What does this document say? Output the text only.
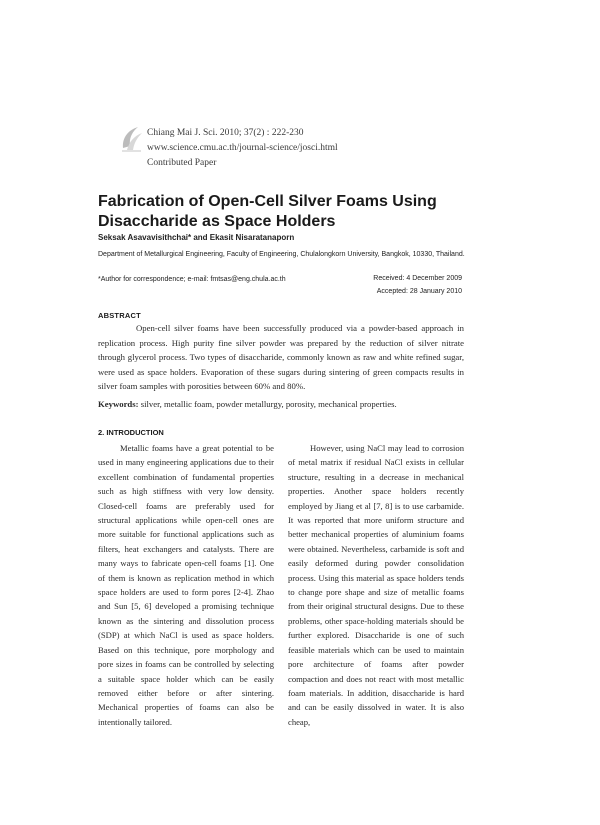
Chiang Mai J. Sci. 2010; 37(2) : 222-230
www.science.cmu.ac.th/journal-science/josci.html
Contributed Paper
Fabrication of Open-Cell Silver Foams Using Disaccharide as Space Holders
Seksak Asavavisithchai* and Ekasit Nisaratanaporn
Department of Metallurgical Engineering, Faculty of Engineering, Chulalongkorn University, Bangkok, 10330, Thailand.
*Author for correspondence; e-mail: fmtsas@eng.chula.ac.th	Received: 4 December 2009
Accepted: 28 January 2010
ABSTRACT

Open-cell silver foams have been successfully produced via a powder-based approach in replication process. High purity fine silver powder was prepared by the reduction of silver nitrate through glycerol process. Two types of disaccharide, commonly known as raw and white refined sugar, were used as space holders. Evaporation of these sugars during sintering of green compacts results in silver foam samples with porosities between 60% and 80%.

Keywords: silver, metallic foam, powder metallurgy, porosity, mechanical properties.
2. INTRODUCTION

Metallic foams have a great potential to be used in many engineering applications due to their excellent combination of fundamental properties such as high stiffness with very low density. Closed-cell foams are preferably used for structural applications while open-cell ones are more suitable for functional applications such as filters, heat exchangers and catalysts. There are many ways to fabricate open-cell foams [1]. One of them is known as replication method in which space holders are used to form pores [2-4]. Zhao and Sun [5, 6] developed a promising technique known as the sintering and dissolution process (SDP) at which NaCl is used as space holders. Based on this technique, pore morphology and pore sizes in foams can be controlled by selecting a suitable space holder which can be easily removed either before or after sintering. Mechanical properties of foams can also be intentionally tailored.

However, using NaCl may lead to corrosion of metal matrix if residual NaCl exists in cellular structure, resulting in a decrease in mechanical properties. Another space holders recently employed by Jiang et al [7, 8] is to use carbamide. It was reported that more uniform structure and better mechanical properties of aluminium foams were obtained. Nevertheless, carbamide is soft and easily deformed during powder consolidation process. Using this material as space holders tends to change pore shape and size of metallic foams from their original structural designs. Due to these problems, other space-holding materials should be further explored. Disaccharide is one of such feasible materials which can be used to maintain pore architecture of foams after powder compaction and does not react with most metallic foam materials. In addition, disaccharide is hard and can be easily dissolved in water. It is also cheap,
